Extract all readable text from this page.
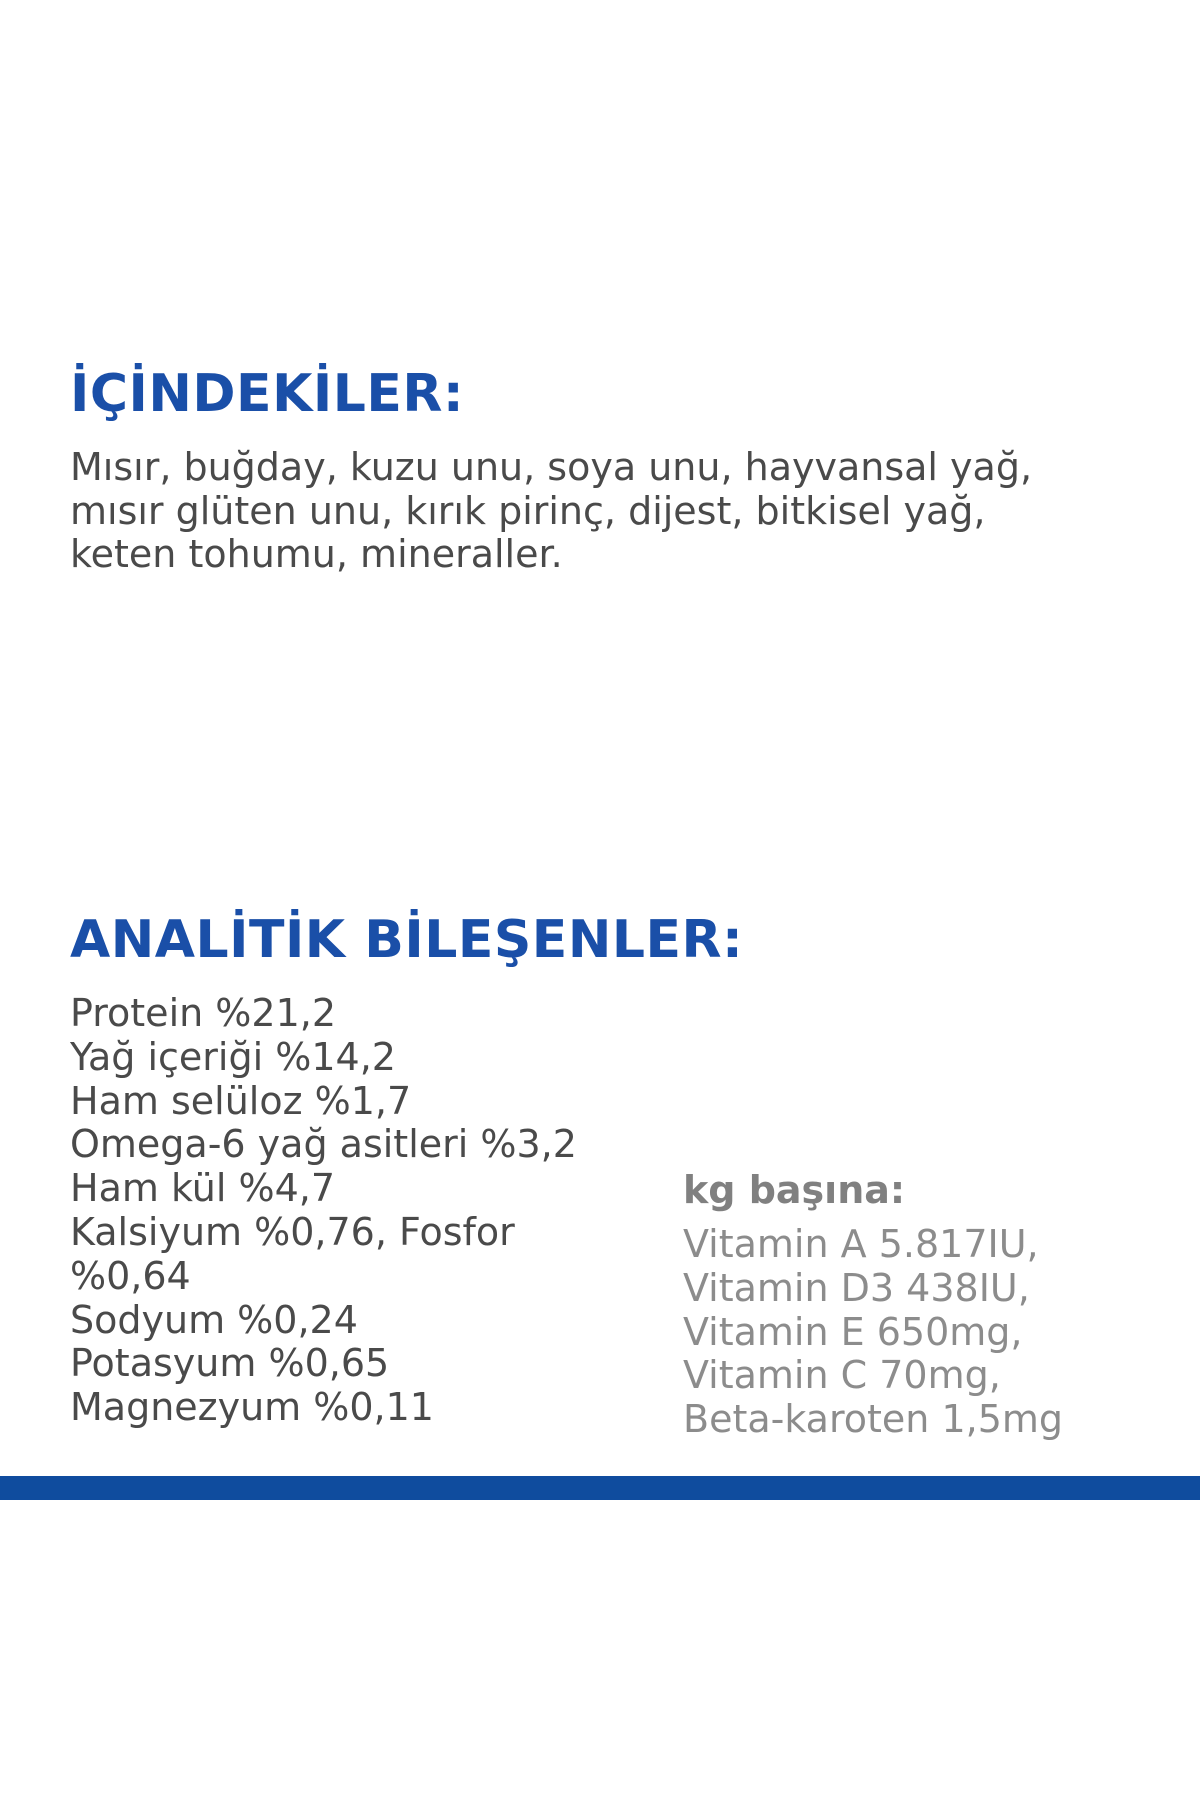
İÇİNDEKİLER:

Mısır, buğday, kuzu unu, soya unu, hayvansal yağ,
mısır glüten unu, kırık pirinç, dijest, bitkisel yağ,
keten tohumu, mineraller.

ANALİTİK BİLEŞENLER:
Protein %21,2
Yağ içeriği %14,2
Ham selüloz %1,7
Omega-6 yağ asitleri %3,2
Ham kül %4,7
Kalsiyum %0,76, Fosfor
%0,64
Sodyum %0,24
Potasyum %0,65
Magnezyum %0,11
kg başına:
Vitamin A 5.817IU,
Vitamin D3 438IU,
Vitamin E 650mg,
Vitamin C 70mg,
Beta-karoten 1,5mg
